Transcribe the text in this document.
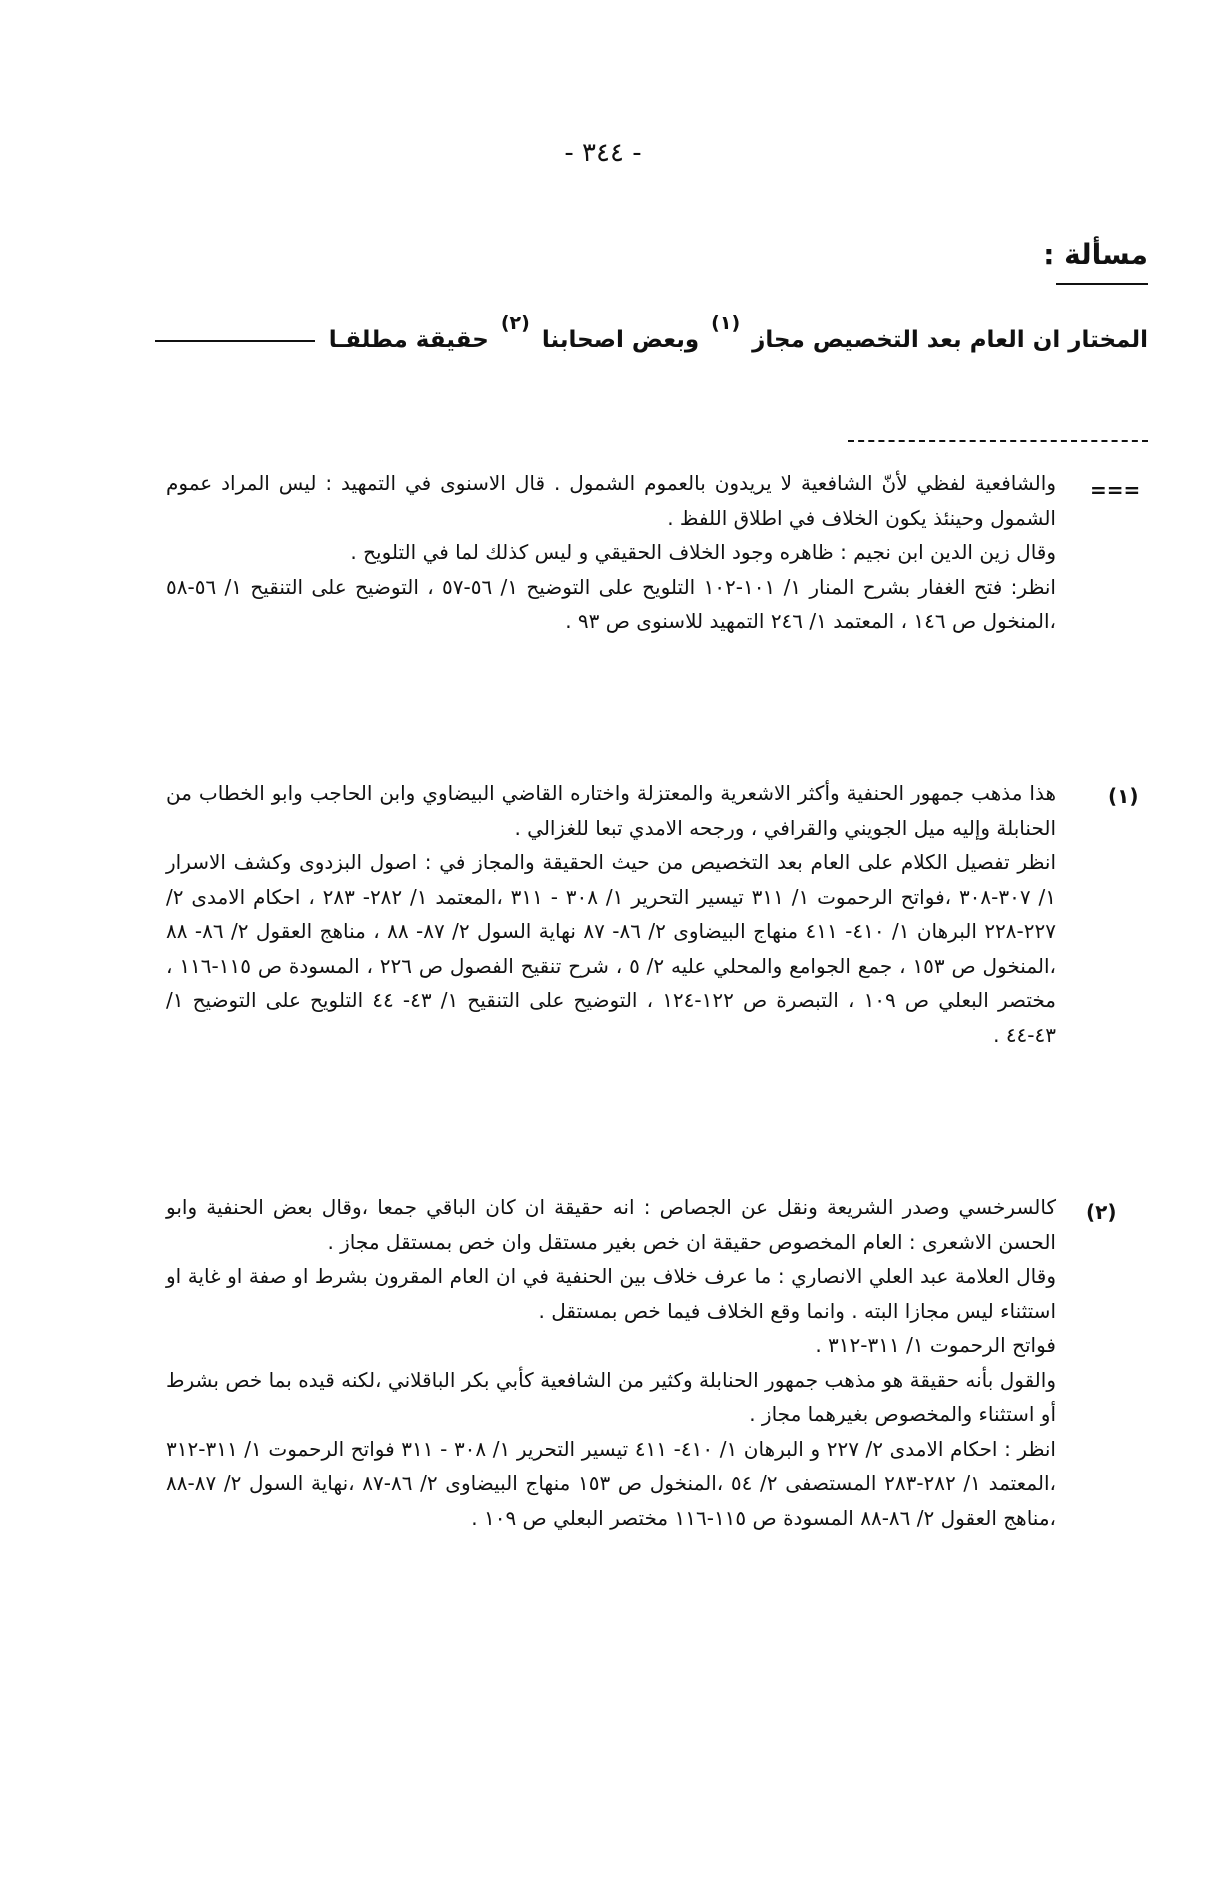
- ٣٤٤ -
مسألة :
المختار ان العام بعد التخصيص مجاز $^{(١)}$ وبعض اصحابنا $^{(٢)}$ حقيقة مطلقـا
===

والشافعية لفظي لأنّ الشافعية لا يريدون بالعموم الشمول . قال الاسنوى في التمهيد : ليس المراد عموم الشمول وحينئذ يكون الخلاف في اطلاق اللفظ .

وقال زين الدين ابن نجيم : ظاهره وجود الخلاف الحقيقي و ليس كذلك لما في التلويح .

انظر: فتح الغفار بشرح المنار ١/ ١٠١-١٠٢ التلويح على التوضيح ١/ ٥٦-٥٧ ، التوضيح على التنقيح ١/ ٥٦-٥٨ ،المنخول ص ١٤٦ ، المعتمد ١/ ٢٤٦ التمهيد للاسنوى ص ٩٣ .

(١)

هذا مذهب جمهور الحنفية وأكثر الاشعرية والمعتزلة واختاره القاضي البيضاوي وابن الحاجب وابو الخطاب من الحنابلة وإليه ميل الجويني والقرافي ، ورجحه الامدي تبعا للغزالي .

انظر تفصيل الكلام على العام بعد التخصيص من حيث الحقيقة والمجاز في : اصول البزدوى وكشف الاسرار ١/ ٣٠٧-٣٠٨ ،فواتح الرحموت ١/ ٣١١ تيسير التحرير ١/ ٣٠٨ - ٣١١ ،المعتمد ١/ ٢٨٢- ٢٨٣ ، احكام الامدى ٢/ ٢٢٧-٢٢٨ البرهان ١/ ٤١٠- ٤١١ منهاج البيضاوى ٢/ ٨٦- ٨٧ نهاية السول ٢/ ٨٧- ٨٨ ، مناهج العقول ٢/ ٨٦- ٨٨ ،المنخول ص ١٥٣ ، جمع الجوامع والمحلي عليه ٢/ ٥ ، شرح تنقيح الفصول ص ٢٢٦ ، المسودة ص ١١٥-١١٦ ، مختصر البعلي ص ١٠٩ ، التبصرة ص ١٢٢-١٢٤ ، التوضيح على التنقيح ١/ ٤٣- ٤٤ التلويح على التوضيح ١/ ٤٣-٤٤ .

(٢)

كالسرخسي وصدر الشريعة ونقل عن الجصاص : انه حقيقة ان كان الباقي جمعا ،وقال بعض الحنفية وابو الحسن الاشعرى : العام المخصوص حقيقة ان خص بغير مستقل وان خص بمستقل مجاز .

وقال العلامة عبد العلي الانصاري : ما عرف خلاف بين الحنفية في ان العام المقرون بشرط او صفة او غاية او استثناء ليس مجازا البته . وانما وقع الخلاف فيما خص بمستقل .

فواتح الرحموت ١/ ٣١١-٣١٢ .

والقول بأنه حقيقة هو مذهب جمهور الحنابلة وكثير من الشافعية كأبي بكر الباقلاني ،لكنه قيده بما خص بشرط أو استثناء والمخصوص بغيرهما مجاز .

انظر : احكام الامدى ٢/ ٢٢٧ و البرهان ١/ ٤١٠- ٤١١ تيسير التحرير ١/ ٣٠٨ - ٣١١ فواتح الرحموت ١/ ٣١١-٣١٢ ،المعتمد ١/ ٢٨٢-٢٨٣ المستصفى ٢/ ٥٤ ،المنخول ص ١٥٣ منهاج البيضاوى ٢/ ٨٦-٨٧ ،نهاية السول ٢/ ٨٧-٨٨ ،مناهج العقول ٢/ ٨٦-٨٨ المسودة ص ١١٥-١١٦ مختصر البعلي ص ١٠٩ .
